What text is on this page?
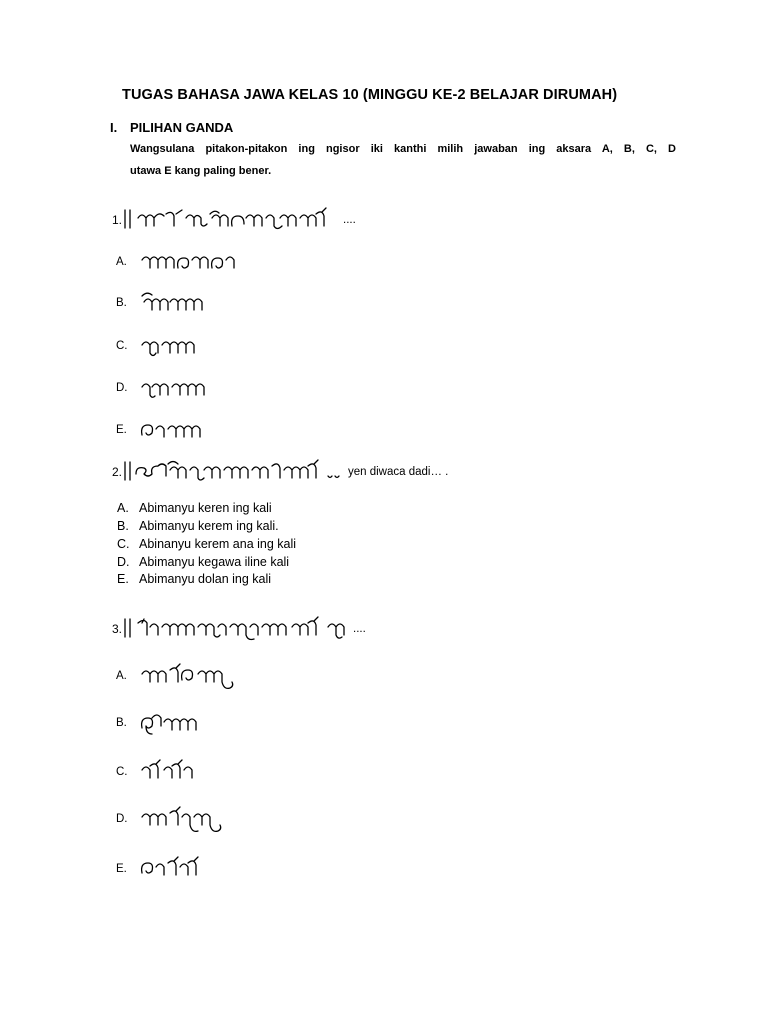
TUGAS BAHASA JAWA KELAS 10 (MINGGU KE-2 BELAJAR DIRUMAH)
I. PILIHAN GANDA
Wangsulana pitakon-pitakon ing ngisor iki kanthi milih jawaban ing aksara A, B, C, D
utawa E kang paling bener.
1.	....
A.
B.
C.
D.
E.
2.	yen diwaca dadi… .
A. Abimanyu keren ing kali
B. Abimanyu kerem ing kali.
C. Abinanyu kerem ana ing kali
D. Abimanyu kegawa iline kali
E. Abimanyu dolan ing kali
3.	....
A.
B.
C.
D.
E.
